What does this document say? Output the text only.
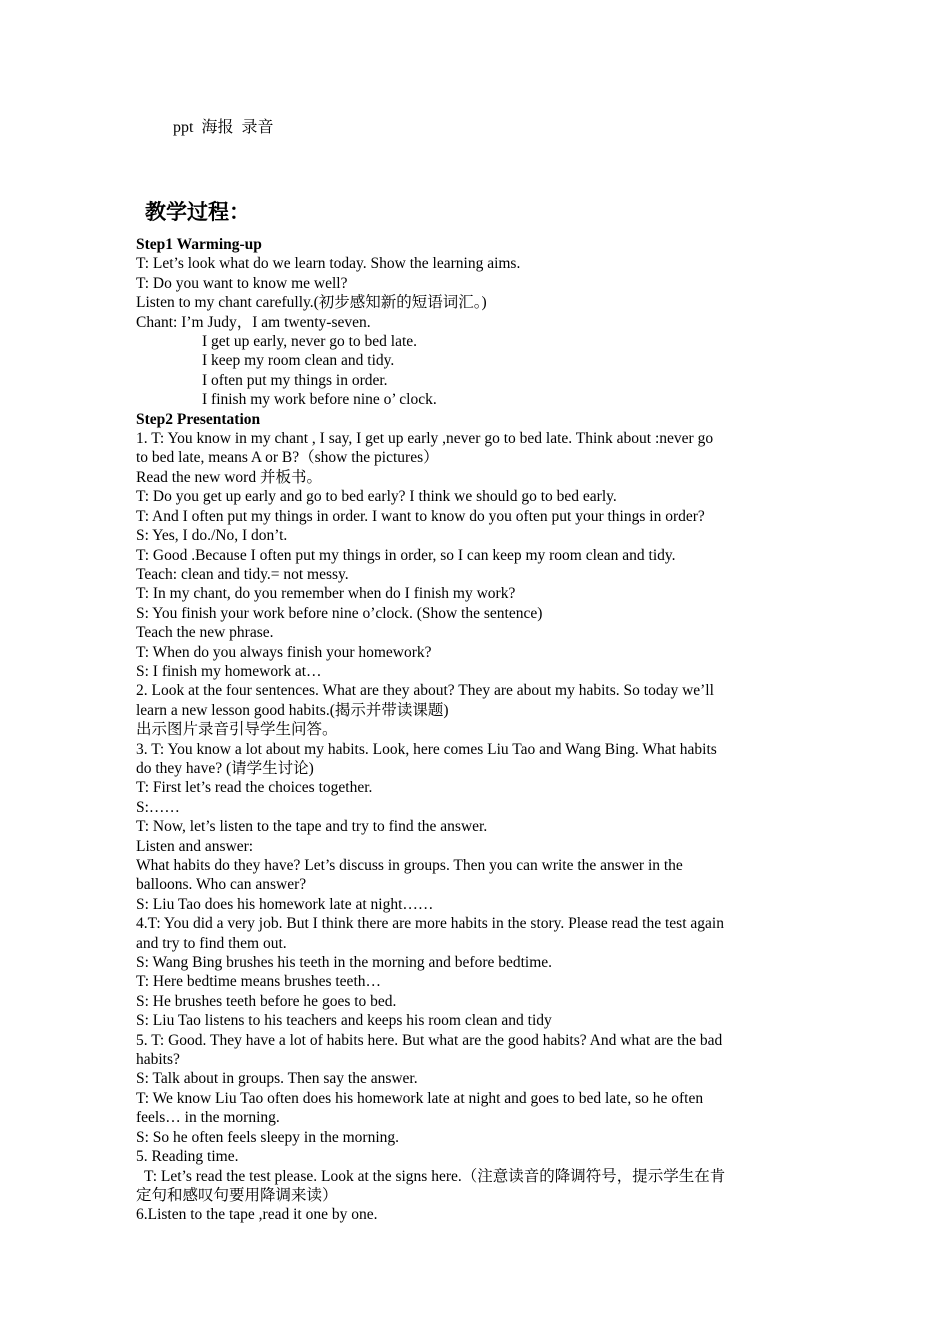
ppt  海报  录音
教学过程：
Step1 Warming-up
T: Let’s look what do we learn today. Show the learning aims.
T: Do you want to know me well?
Listen to my chant carefully.(初步感知新的短语词汇。)
Chant: I’m Judy，I am twenty-seven.
I get up early, never go to bed late.
I keep my room clean and tidy.
I often put my things in order.
I finish my work before nine o’ clock.
Step2 Presentation
1. T: You know in my chant , I say, I get up early ,never go to bed late. Think about :never go
to bed late, means A or B?（show the pictures）
Read the new word 并板书。
T: Do you get up early and go to bed early? I think we should go to bed early.
T: And I often put my things in order. I want to know do you often put your things in order?
S: Yes, I do./No, I don’t.
T: Good .Because I often put my things in order, so I can keep my room clean and tidy.
Teach: clean and tidy.= not messy.
T: In my chant, do you remember when do I finish my work?
S: You finish your work before nine o’clock. (Show the sentence)
Teach the new phrase.
T: When do you always finish your homework?
S: I finish my homework at…
2. Look at the four sentences. What are they about? They are about my habits. So today we’ll
learn a new lesson good habits.(揭示并带读课题)
出示图片录音引导学生问答。
3. T: You know a lot about my habits. Look, here comes Liu Tao and Wang Bing. What habits
do they have? (请学生讨论)
T: First let’s read the choices together.
S:……
T: Now, let’s listen to the tape and try to find the answer.
Listen and answer:
What habits do they have? Let’s discuss in groups. Then you can write the answer in the
balloons. Who can answer?
S: Liu Tao does his homework late at night……
4.T: You did a very job. But I think there are more habits in the story. Please read the test again
and try to find them out.
S: Wang Bing brushes his teeth in the morning and before bedtime.
T: Here bedtime means brushes teeth…
S: He brushes teeth before he goes to bed.
S: Liu Tao listens to his teachers and keeps his room clean and tidy
5. T: Good. They have a lot of habits here. But what are the good habits? And what are the bad
habits?
S: Talk about in groups. Then say the answer.
T: We know Liu Tao often does his homework late at night and goes to bed late, so he often
feels… in the morning.
S: So he often feels sleepy in the morning.
5. Reading time.
T: Let’s read the test please. Look at the signs here.（注意读音的降调符号，提示学生在肯
定句和感叹句要用降调来读）
6.Listen to the tape ,read it one by one.
